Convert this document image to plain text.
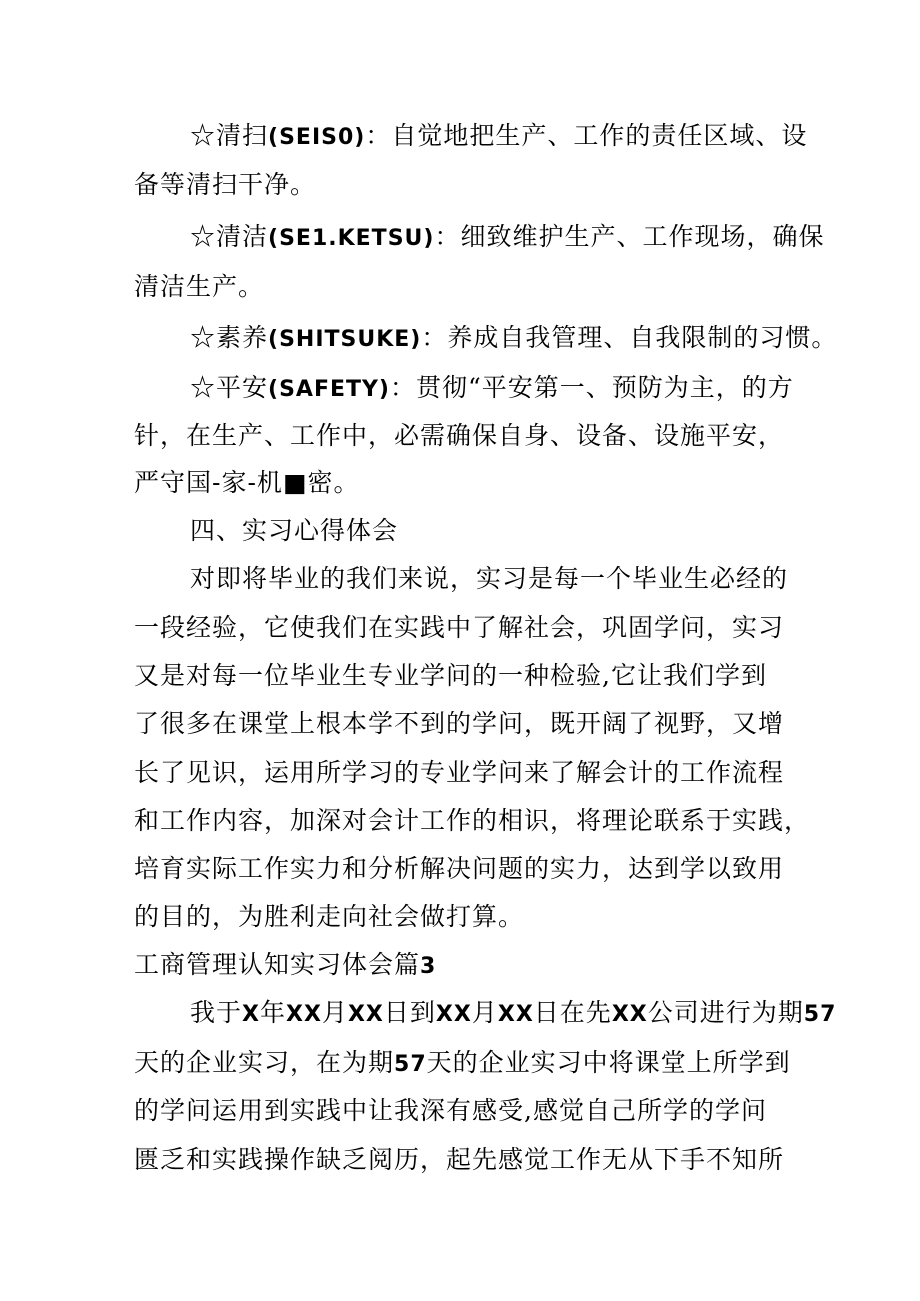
☆清扫(SEIS0)：自觉地把生产、工作的责任区域、设

备等清扫干净。

☆清洁(SE1.KETSU)：细致维护生产、工作现场，确保

清洁生产。

☆素养(SHITSUKE)：养成自我管理、自我限制的习惯。

☆平安(SAFETY)：贯彻“平安第一、预防为主，的方

针，在生产、工作中，必需确保自身、设备、设施平安，

严守国-家-机■密。

四、实习心得体会

对即将毕业的我们来说，实习是每一个毕业生必经的

一段经验，它使我们在实践中了解社会，巩固学问，实习

又是对每一位毕业生专业学问的一种检验,它让我们学到

了很多在课堂上根本学不到的学问，既开阔了视野，又增

长了见识，运用所学习的专业学问来了解会计的工作流程

和工作内容，加深对会计工作的相识，将理论联系于实践，

培育实际工作实力和分析解决问题的实力，达到学以致用

的目的，为胜利走向社会做打算。

工商管理认知实习体会篇3

我于X年XX月XX日到XX月XX日在先XX公司进行为期57

天的企业实习，在为期57天的企业实习中将课堂上所学到

的学问运用到实践中让我深有感受,感觉自己所学的学问

匮乏和实践操作缺乏阅历，起先感觉工作无从下手不知所
